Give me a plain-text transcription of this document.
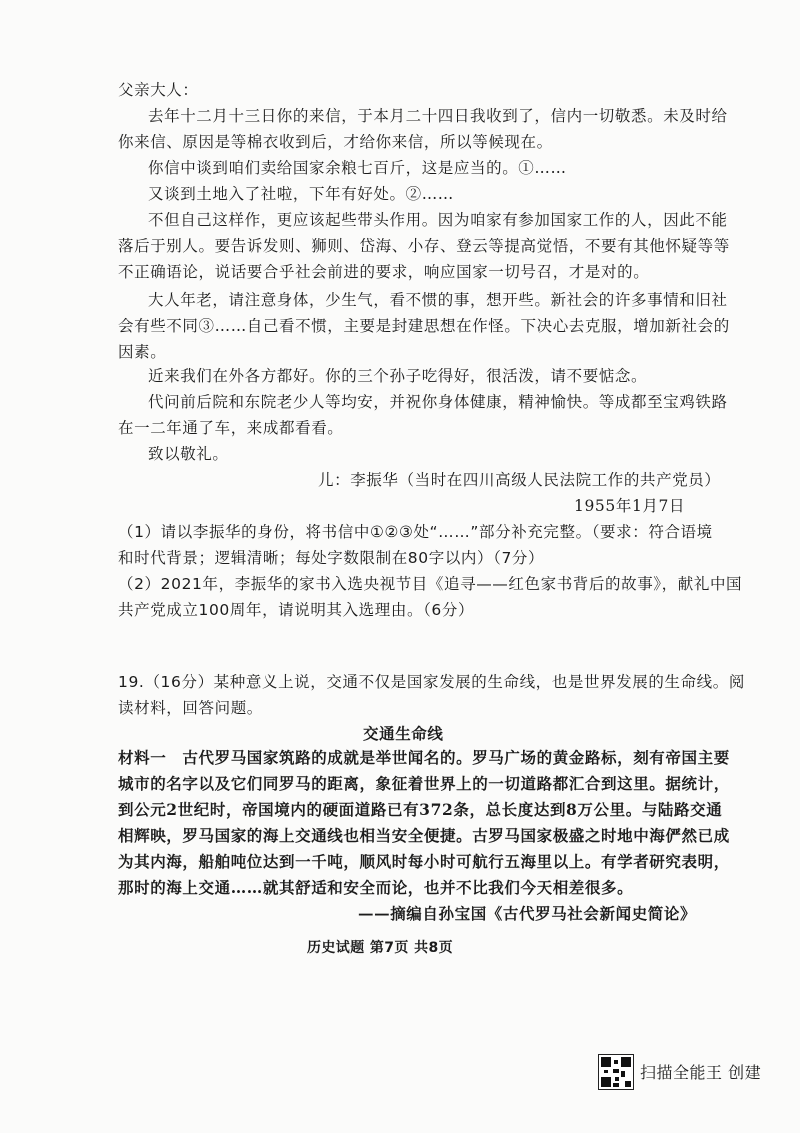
父亲大人：
去年十二月十三日你的来信，于本月二十四日我收到了，信内一切敬悉。未及时给
你来信、原因是等棉衣收到后，才给你来信，所以等候现在。
你信中谈到咱们卖给国家余粮七百斤，这是应当的。①……
又谈到土地入了社啦，下年有好处。②……
不但自己这样作，更应该起些带头作用。因为咱家有参加国家工作的人，因此不能
落后于别人。要告诉发则、狮则、岱海、小存、登云等提高觉悟，不要有其他怀疑等等
不正确语论，说话要合乎社会前进的要求，响应国家一切号召，才是对的。
大人年老，请注意身体，少生气，看不惯的事，想开些。新社会的许多事情和旧社
会有些不同③……自己看不惯，主要是封建思想在作怪。下决心去克服，增加新社会的
因素。
近来我们在外各方都好。你的三个孙子吃得好，很活泼，请不要惦念。
代问前后院和东院老少人等均安，并祝你身体健康，精神愉快。等成都至宝鸡铁路
在一二年通了车，来成都看看。
致以敬礼。
儿：李振华（当时在四川高级人民法院工作的共产党员）
1955年1月7日
（1）请以李振华的身份，将书信中①②③处“……”部分补充完整。（要求：符合语境
和时代背景；逻辑清晰；每处字数限制在80字以内）（7分）
（2）2021年，李振华的家书入选央视节目《追寻——红色家书背后的故事》，献礼中国
共产党成立100周年，请说明其入选理由。（6分）
19.（16分）某种意义上说，交通不仅是国家发展的生命线，也是世界发展的生命线。阅
读材料，回答问题。
交通生命线
材料一　古代罗马国家筑路的成就是举世闻名的。罗马广场的黄金路标，刻有帝国主要
城市的名字以及它们同罗马的距离，象征着世界上的一切道路都汇合到这里。据统计，
到公元2世纪时，帝国境内的硬面道路已有372条，总长度达到8万公里。与陆路交通
相辉映，罗马国家的海上交通线也相当安全便捷。古罗马国家极盛之时地中海俨然已成
为其内海，船舶吨位达到一千吨，顺风时每小时可航行五海里以上。有学者研究表明，
那时的海上交通……就其舒适和安全而论，也并不比我们今天相差很多。
——摘编自孙宝国《古代罗马社会新闻史简论》
历史试题 第7页 共8页
扫描全能王 创建
